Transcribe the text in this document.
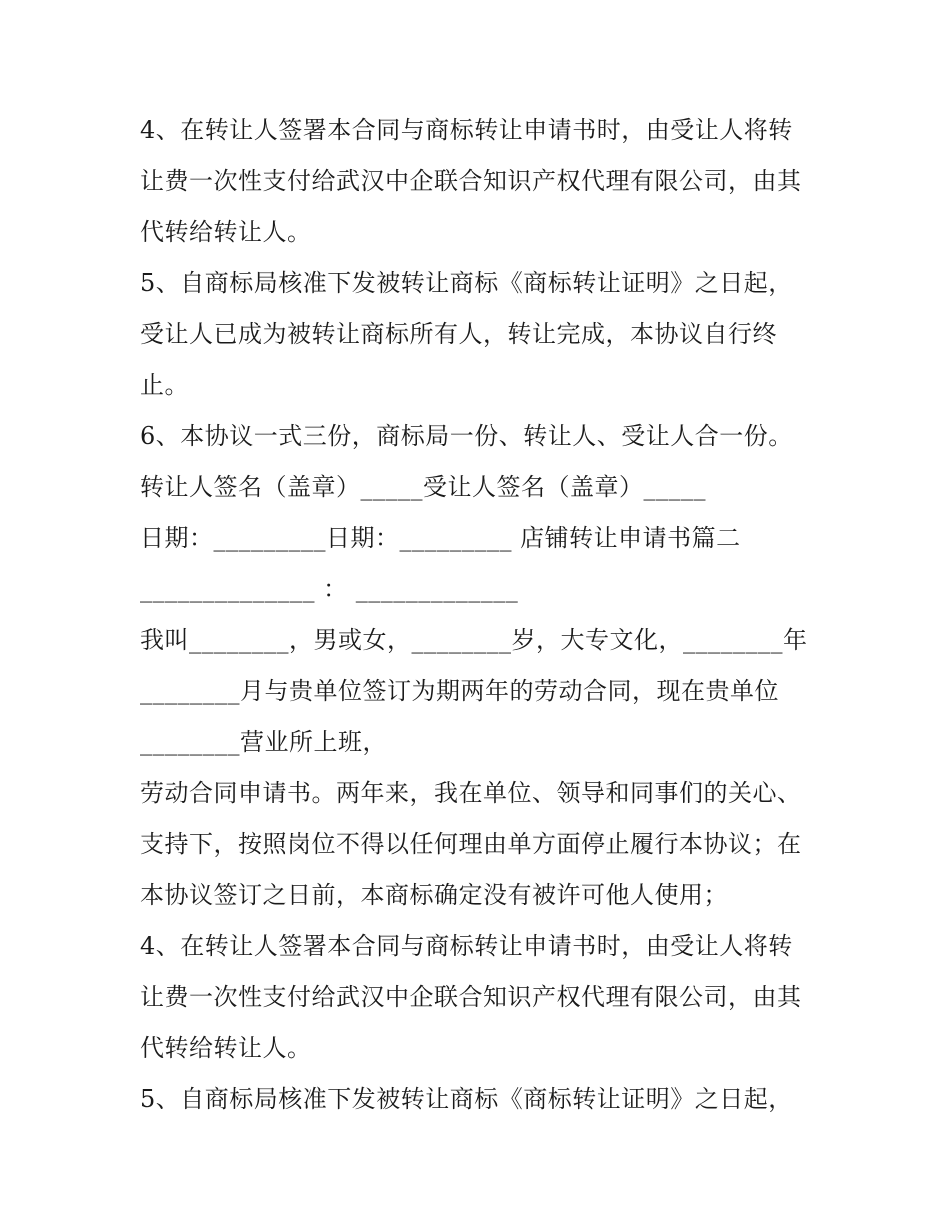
4、在转让人签署本合同与商标转让申请书时，由受让人将转
让费一次性支付给武汉中企联合知识产权代理有限公司，由其
代转给转让人。
5、自商标局核准下发被转让商标《商标转让证明》之日起，
受让人已成为被转让商标所有人，转让完成，本协议自行终
止。
6、本协议一式三份，商标局一份、转让人、受让人合一份。
转让人签名（盖章）_____受让人签名（盖章）_____
日期：_________日期：_________ 店铺转让申请书篇二
______________ ： _____________
我叫________，男或女，________岁，大专文化，________年
________月与贵单位签订为期两年的劳动合同，现在贵单位
________营业所上班，
劳动合同申请书。两年来，我在单位、领导和同事们的关心、
支持下，按照岗位不得以任何理由单方面停止履行本协议；在
本协议签订之日前，本商标确定没有被许可他人使用；
4、在转让人签署本合同与商标转让申请书时，由受让人将转
让费一次性支付给武汉中企联合知识产权代理有限公司，由其
代转给转让人。
5、自商标局核准下发被转让商标《商标转让证明》之日起，
